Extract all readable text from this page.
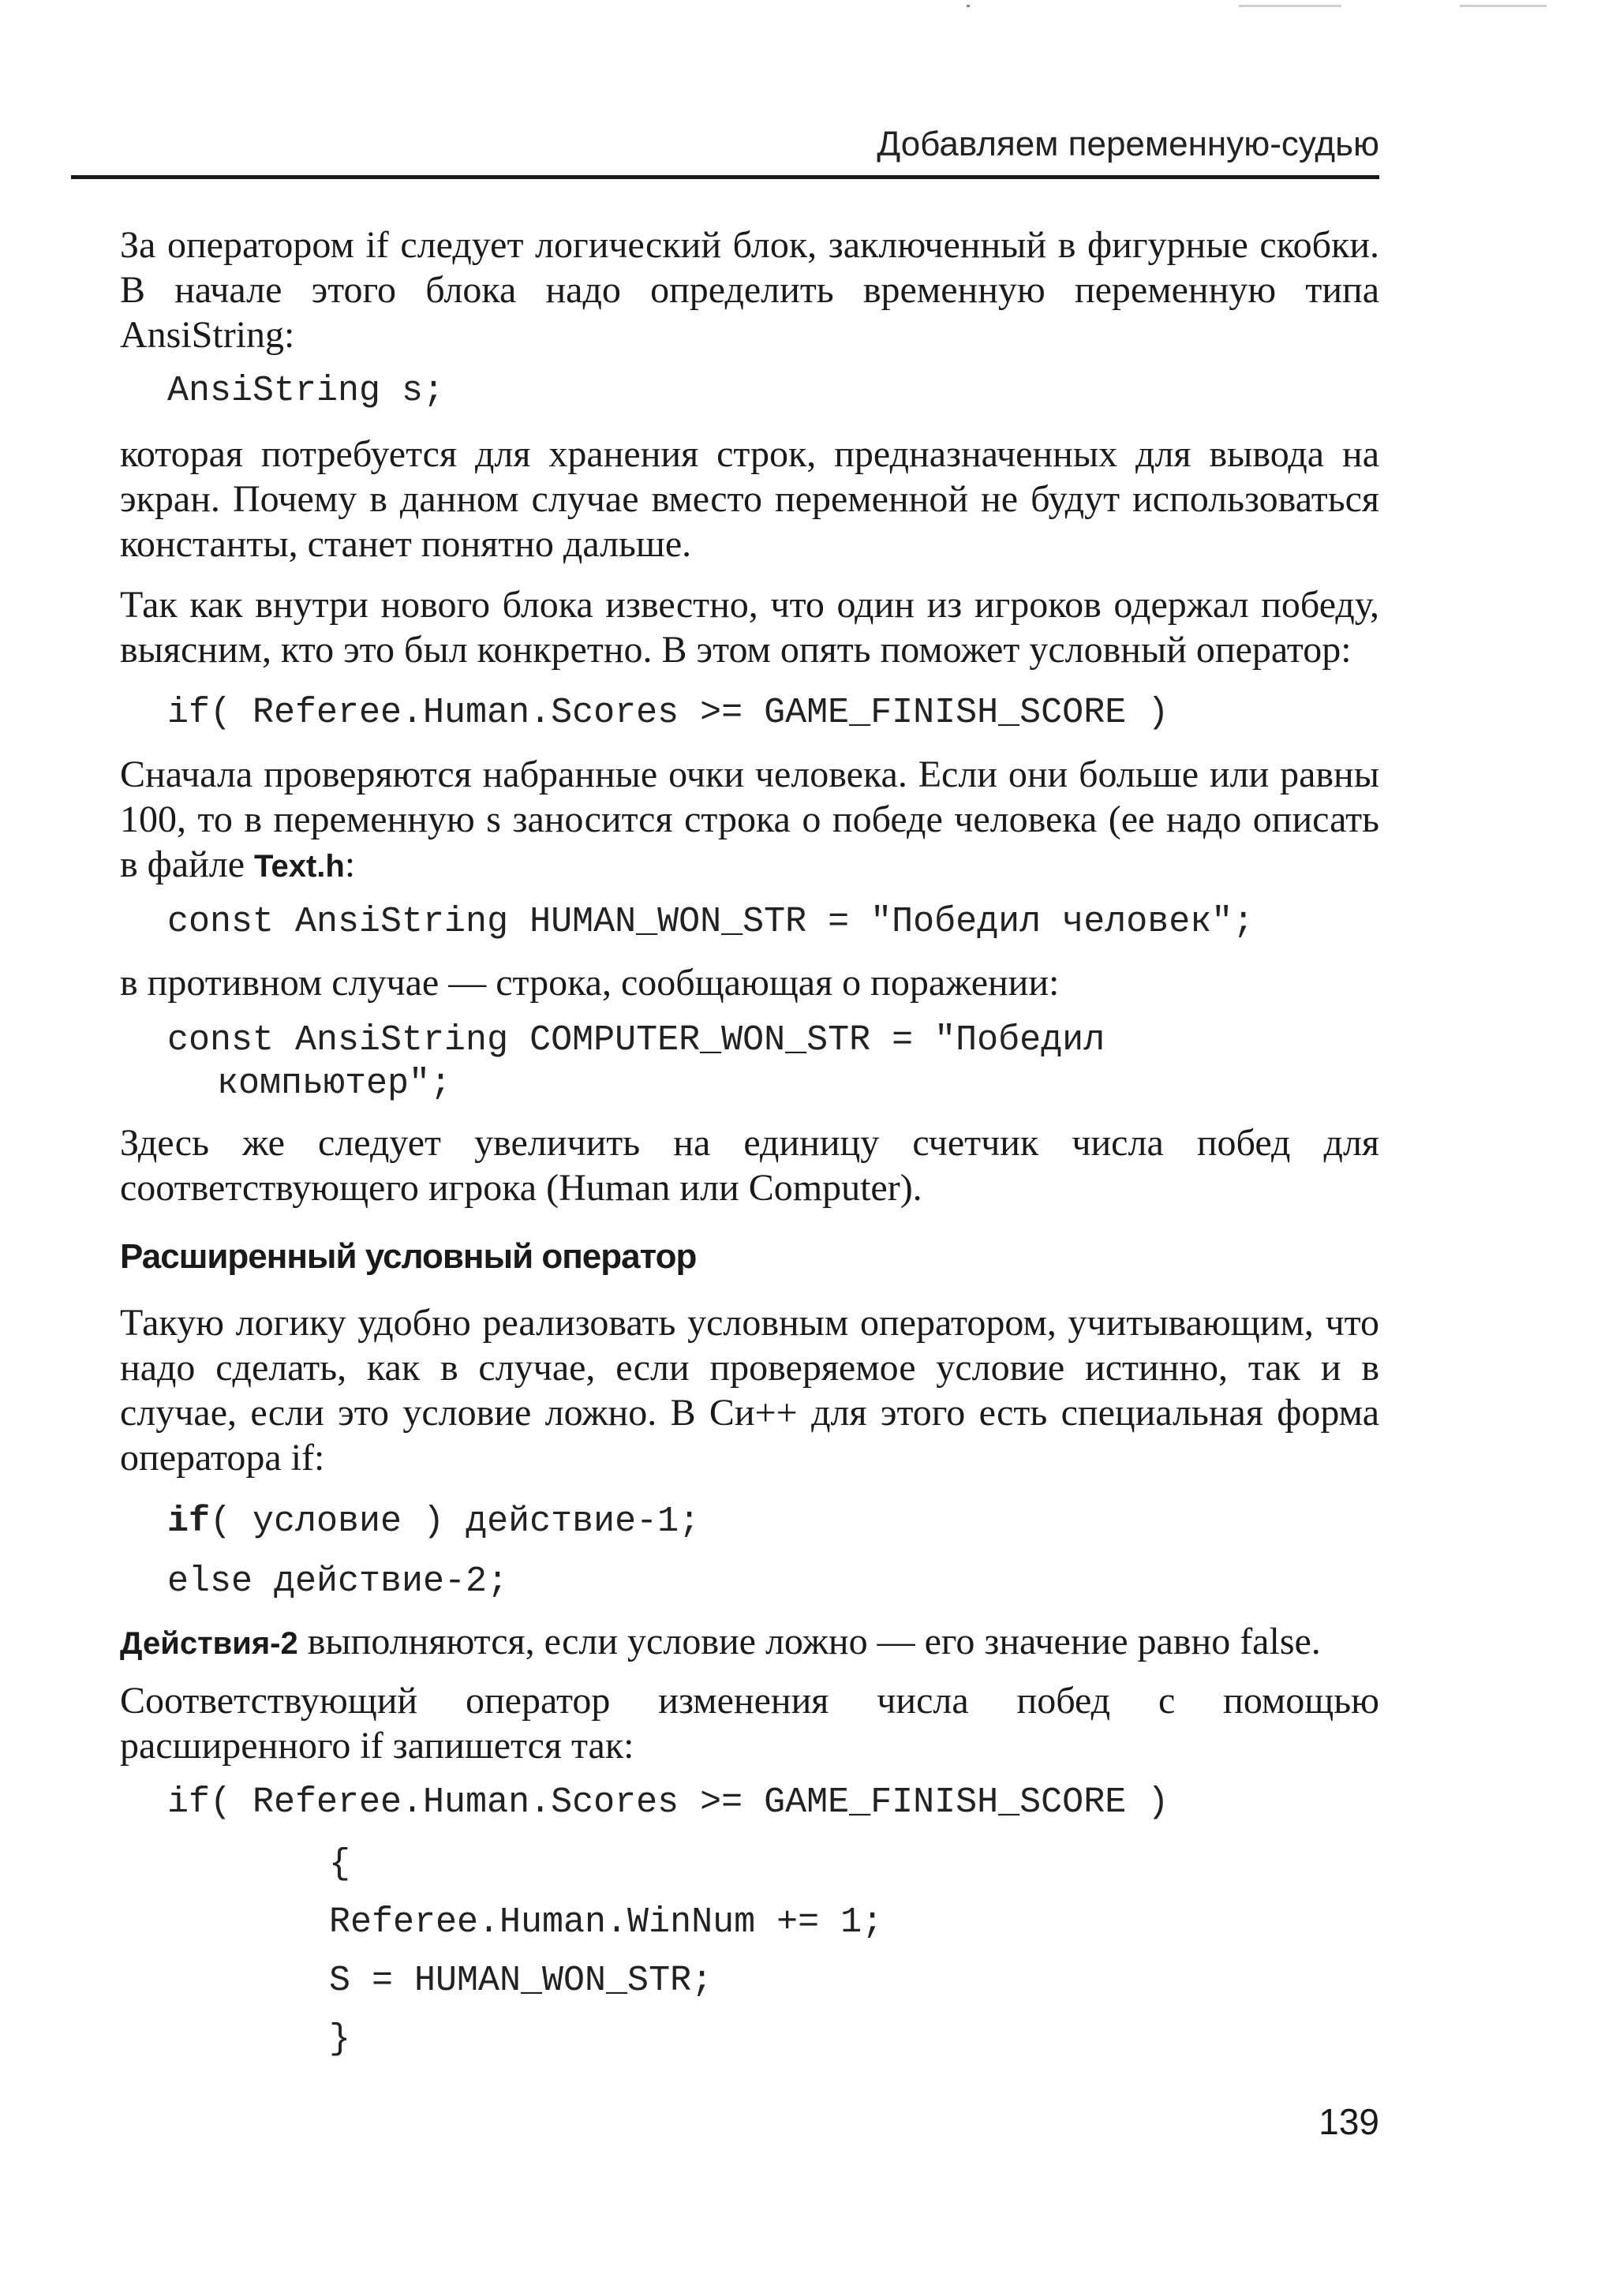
Добавляем переменную-судью

За оператором if следует логический блок, заключенный в фигурные скобки. В начале этого блока надо определить временную переменную типа AnsiString:

AnsiString s;

которая потребуется для хранения строк, предназначенных для вывода на экран. Почему в данном случае вместо переменной не будут использоваться константы, станет понятно дальше.

Так как внутри нового блока известно, что один из игроков одержал победу, выясним, кто это был конкретно. В этом опять поможет условный оператор:

if( Referee.Human.Scores >= GAME_FINISH_SCORE )

Сначала проверяются набранные очки человека. Если они больше или равны 100, то в переменную s заносится строка о победе человека (ее надо описать в файле Text.h:

const AnsiString HUMAN_WON_STR = "Победил человек";

в противном случае — строка, сообщающая о поражении:

const AnsiString COMPUTER_WON_STR = "Победил
компьютер";

Здесь же следует увеличить на единицу счетчик числа побед для соответствующего игрока (Human или Computer).

Расширенный условный оператор

Такую логику удобно реализовать условным оператором, учитывающим, что надо сделать, как в случае, если проверяемое условие истинно, так и в случае, если это условие ложно. В Си++ для этого есть специальная форма оператора if:

if( условие ) действие-1;
else действие-2;

Действия-2 выполняются, если условие ложно — его значение равно false.

Соответствующий оператор изменения числа побед с помощью расширенного if запишется так:

if( Referee.Human.Scores >= GAME_FINISH_SCORE )
{
Referee.Human.WinNum += 1;
S = HUMAN_WON_STR;
}
139
